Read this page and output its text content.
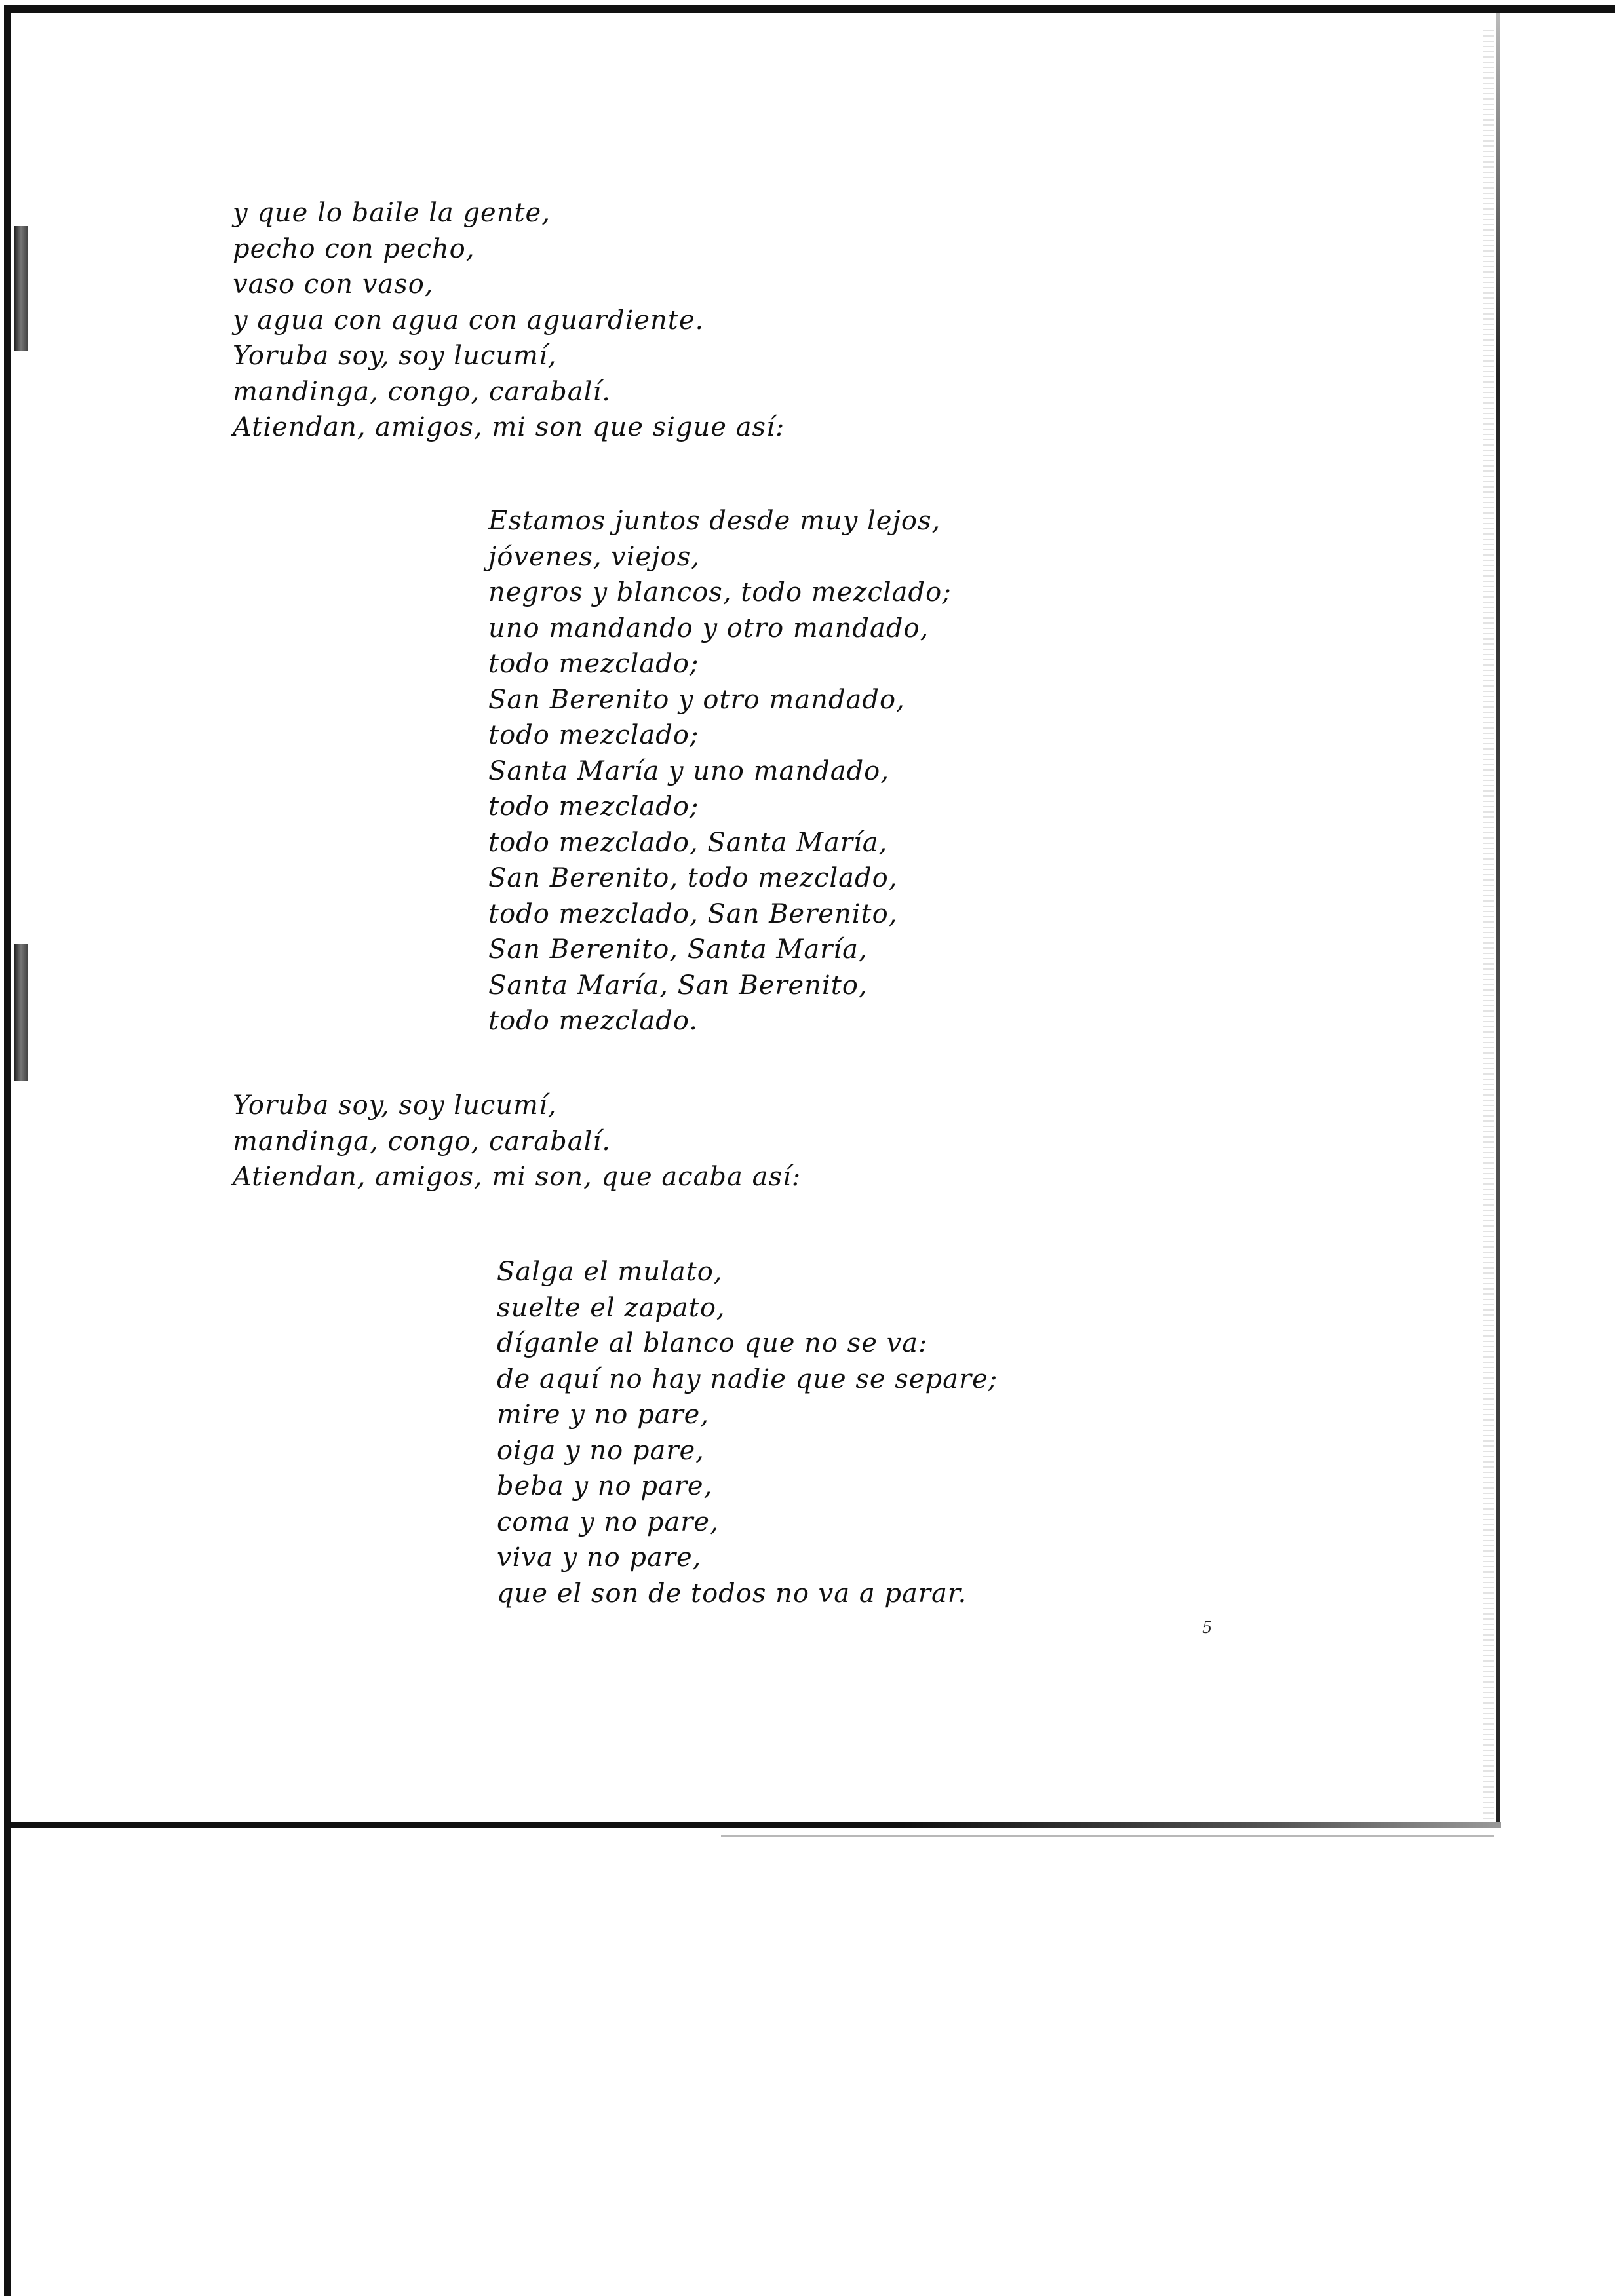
y que lo baile la gente,
pecho con pecho,
vaso con vaso,
y agua con agua con aguardiente.
Yoruba soy, soy lucumí,
mandinga, congo, carabalí.
Atiendan, amigos, mi son que sigue así:
Estamos juntos desde muy lejos,
jóvenes, viejos,
negros y blancos, todo mezclado;
uno mandando y otro mandado,
todo mezclado;
San Berenito y otro mandado,
todo mezclado;
Santa María y uno mandado,
todo mezclado;
todo mezclado, Santa María,
San Berenito, todo mezclado,
todo mezclado, San Berenito,
San Berenito, Santa María,
Santa María, San Berenito,
todo mezclado.
Yoruba soy, soy lucumí,
mandinga, congo, carabalí.
Atiendan, amigos, mi son, que acaba así:
Salga el mulato,
suelte el zapato,
díganle al blanco que no se va:
de aquí no hay nadie que se separe;
mire y no pare,
oiga y no pare,
beba y no pare,
coma y no pare,
viva y no pare,
que el son de todos no va a parar.
5
